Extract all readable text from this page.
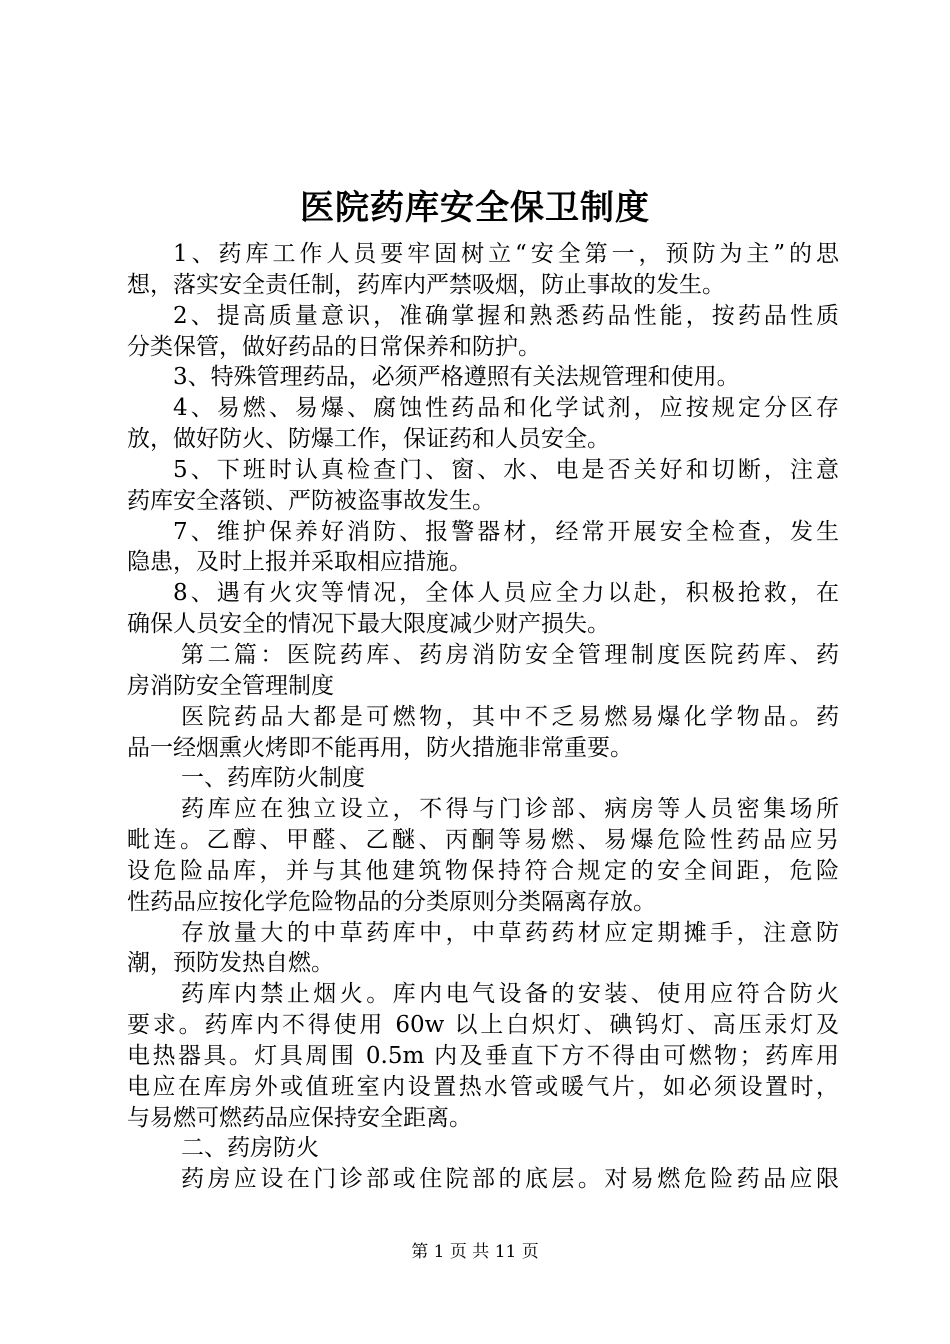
医院药库安全保卫制度
1、药库工作人员要牢固树立“安全第一，预防为主”的思
想，落实安全责任制，药库内严禁吸烟，防止事故的发生。
2、提高质量意识，准确掌握和熟悉药品性能，按药品性质
分类保管，做好药品的日常保养和防护。
3、特殊管理药品，必须严格遵照有关法规管理和使用。
4、易燃、易爆、腐蚀性药品和化学试剂，应按规定分区存
放，做好防火、防爆工作，保证药和人员安全。
5、下班时认真检查门、窗、水、电是否关好和切断，注意
药库安全落锁、严防被盗事故发生。
7、维护保养好消防、报警器材，经常开展安全检查，发生
隐患，及时上报并采取相应措施。
8、遇有火灾等情况，全体人员应全力以赴，积极抢救，在
确保人员安全的情况下最大限度减少财产损失。
第二篇：医院药库、药房消防安全管理制度医院药库、药
房消防安全管理制度
医院药品大都是可燃物，其中不乏易燃易爆化学物品。药
品一经烟熏火烤即不能再用，防火措施非常重要。
一、药库防火制度
药库应在独立设立，不得与门诊部、病房等人员密集场所
毗连。乙醇、甲醛、乙醚、丙酮等易燃、易爆危险性药品应另
设危险品库，并与其他建筑物保持符合规定的安全间距，危险
性药品应按化学危险物品的分类原则分类隔离存放。
存放量大的中草药库中，中草药药材应定期摊手，注意防
潮，预防发热自燃。
药库内禁止烟火。库内电气设备的安装、使用应符合防火
要求。药库内不得使用 60w 以上白炽灯、碘钨灯、高压汞灯及
电热器具。灯具周围 0.5m 内及垂直下方不得由可燃物；药库用
电应在库房外或值班室内设置热水管或暖气片，如必须设置时，
与易燃可燃药品应保持安全距离。
二、药房防火
药房应设在门诊部或住院部的底层。对易燃危险药品应限
第 1 页 共 11 页
